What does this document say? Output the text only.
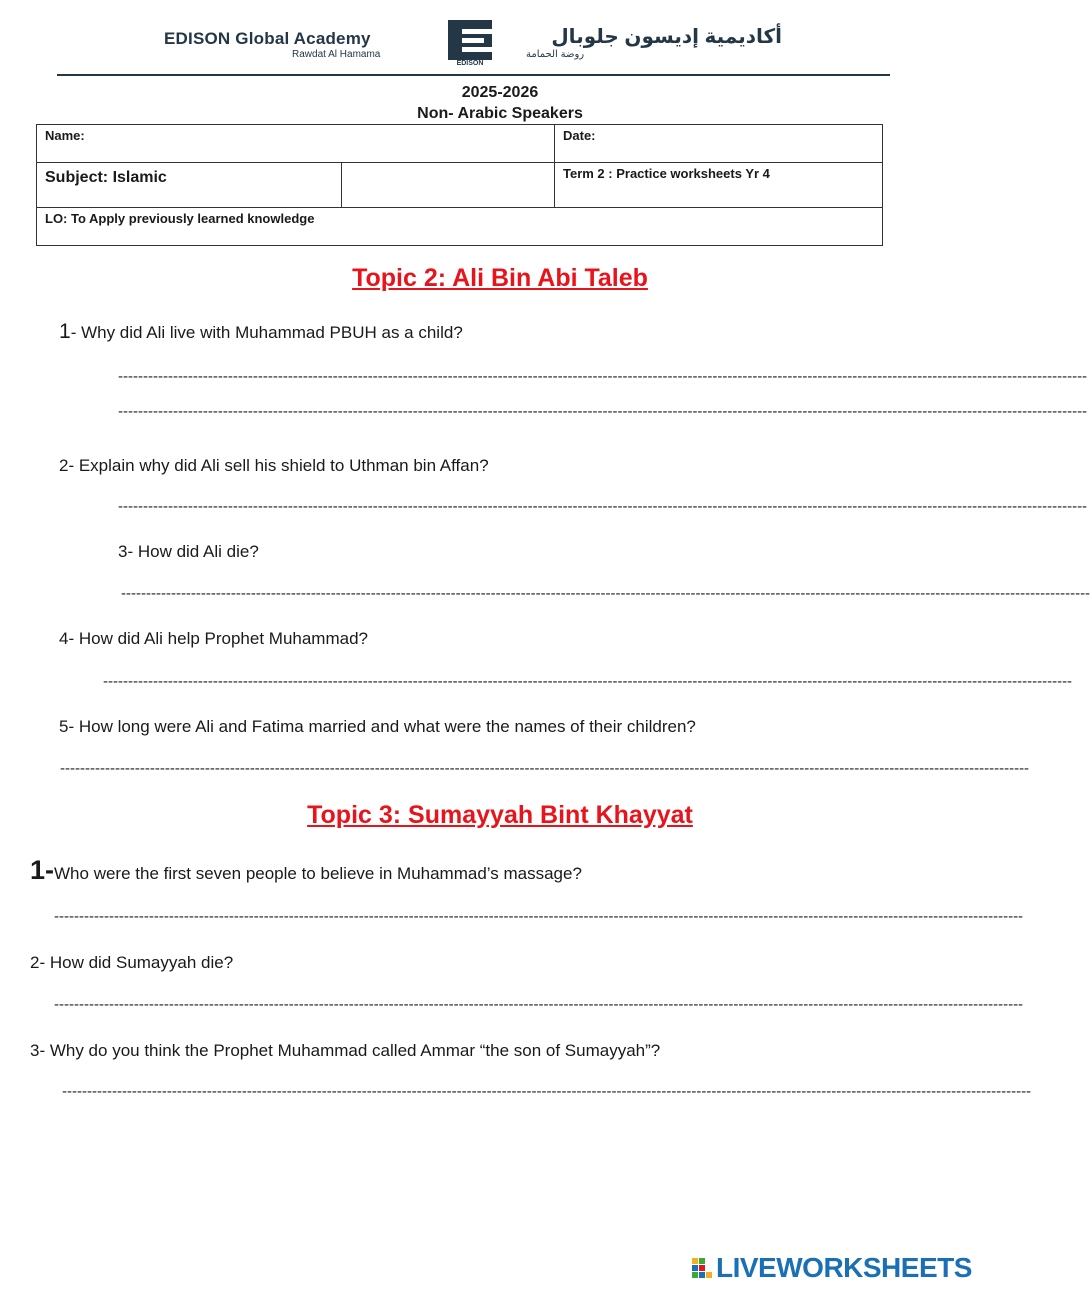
EDISON Global Academy
Rawdat Al Hamama
EDISON
أكاديمية إديسون جلوبال
روضة الحمامة
2025-2026
Non- Arabic Speakers
Name:		Date:
Subject: Islamic		Term 2 : Practice worksheets Yr 4
LO: To Apply previously learned knowledge		
Topic 2: Ali Bin Abi Taleb
1- Why did Ali live with Muhammad PBUH as a child?
--------------------------------------------------------------------------------------------------------------------------------------------------------------------------------------------------
--------------------------------------------------------------------------------------------------------------------------------------------------------------------------------------------------
2- Explain why did Ali sell his shield to Uthman bin Affan?
--------------------------------------------------------------------------------------------------------------------------------------------------------------------------------------------------
3- How did Ali die?
--------------------------------------------------------------------------------------------------------------------------------------------------------------------------------------------------
4- How did Ali help Prophet Muhammad?
--------------------------------------------------------------------------------------------------------------------------------------------------------------------------------------------------
5- How long were Ali and Fatima married and what were the names of their children?
--------------------------------------------------------------------------------------------------------------------------------------------------------------------------------------------------
Topic 3: Sumayyah Bint Khayyat
1-Who were the first seven people to believe in Muhammad’s massage?
--------------------------------------------------------------------------------------------------------------------------------------------------------------------------------------------------
2- How did Sumayyah die?
--------------------------------------------------------------------------------------------------------------------------------------------------------------------------------------------------
3- Why do you think the Prophet Muhammad called Ammar “the son of Sumayyah”?
--------------------------------------------------------------------------------------------------------------------------------------------------------------------------------------------------
LIVEWORKSHEETS
